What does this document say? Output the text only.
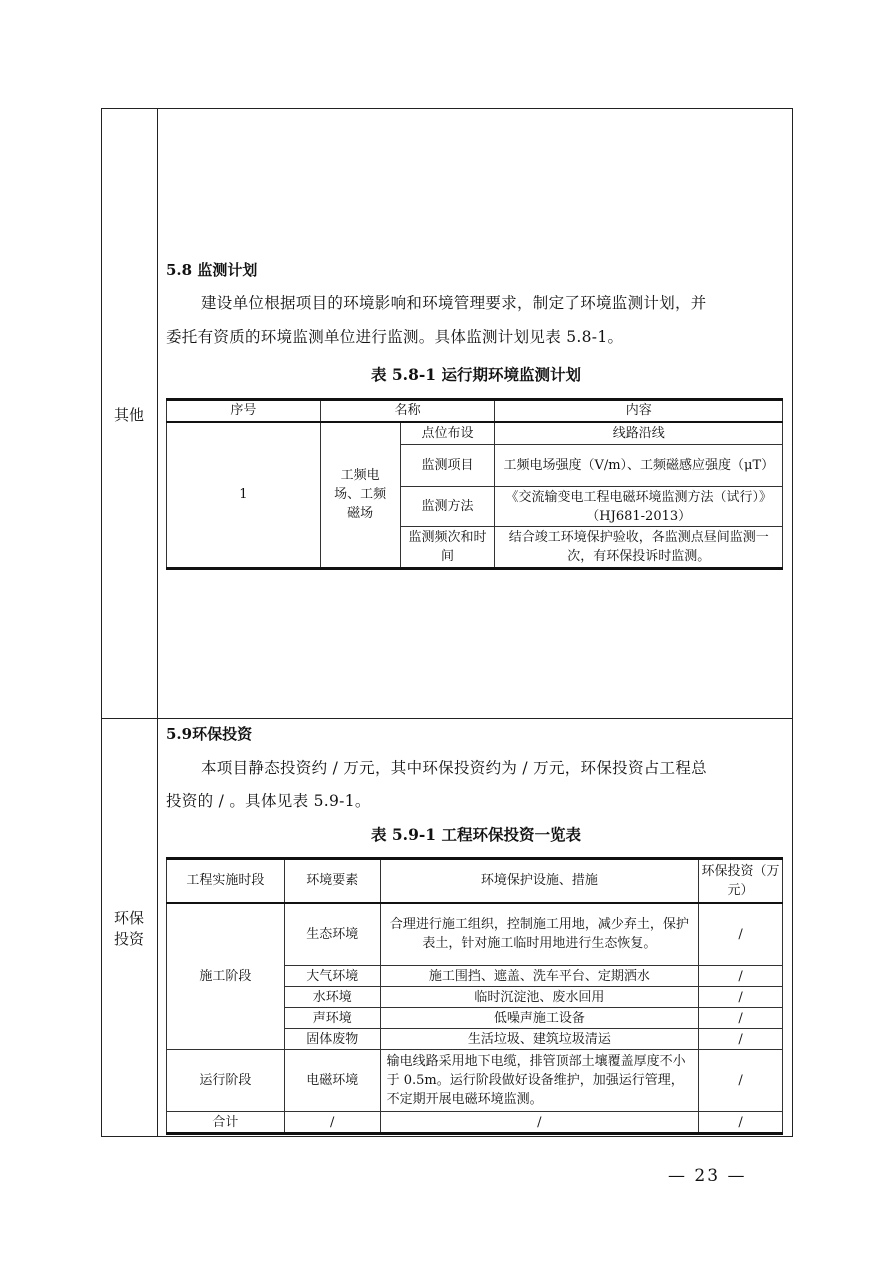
其他
环保
投资
5.8 监测计划
建设单位根据项目的环境影响和环境管理要求，制定了环境监测计划，并
委托有资质的环境监测单位进行监测。具体监测计划见表 5.8-1。
表 5.8-1 运行期环境监测计划
序号	名称		内容
1	工频电场、工频磁场	点位布设	线路沿线
		监测项目	工频电场强度（V/m）、工频磁感应强度（μT）
		监测方法	《交流输变电工程电磁环境监测方法（试行）》（HJ681-2013）
		监测频次和时间	结合竣工环境保护验收，各监测点昼间监测一次，有环保投诉时监测。
5.9环保投资
本项目静态投资约 / 万元，其中环保投资约为 / 万元，环保投资占工程总
投资的 / 。具体见表 5.9-1。
表 5.9-1 工程环保投资一览表
工程实施时段	环境要素	环境保护设施、措施	环保投资（万元）
施工阶段	生态环境	合理进行施工组织，控制施工用地，减少弃土，保护表土，针对施工临时用地进行生态恢复。	/
	大气环境	施工围挡、遮盖、洗车平台、定期洒水	/
	水环境	临时沉淀池、废水回用	/
	声环境	低噪声施工设备	/
	固体废物	生活垃圾、建筑垃圾清运	/
运行阶段	电磁环境	输电线路采用地下电缆，排管顶部土壤覆盖厚度不小于 0.5m。运行阶段做好设备维护，加强运行管理，不定期开展电磁环境监测。	/
合计	/	/	/
— 23 —
